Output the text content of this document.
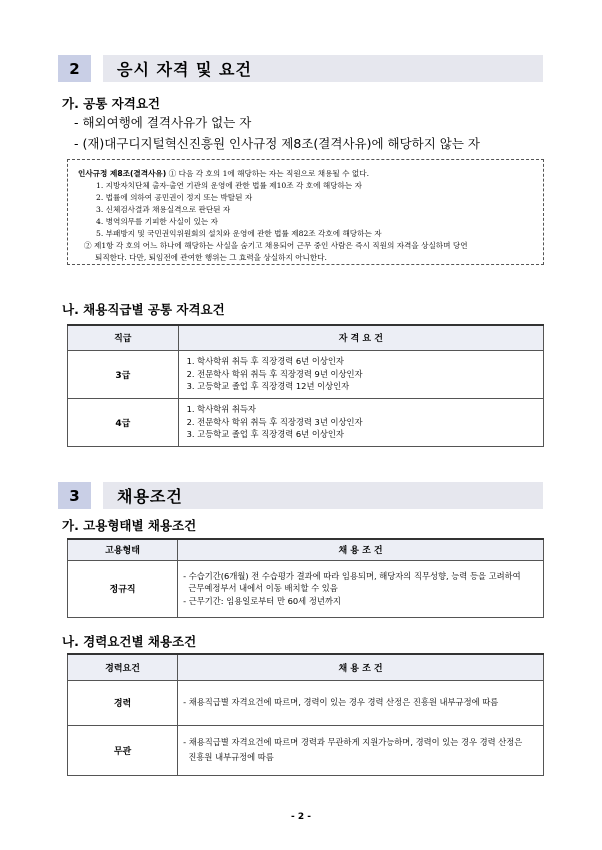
2	응시 자격 및 요건
가. 공통 자격요건
- 해외여행에 결격사유가 없는 자
- (재)대구디지털혁신진흥원 인사규정 제8조(결격사유)에 해당하지 않는 자
인사규정 제8조(결격사유) ① 다음 각 호의 1에 해당하는 자는 직원으로 채용될 수 없다.
1. 지방자치단체 출자·출연 기관의 운영에 관한 법률 제10조 각 호에 해당하는 자
2. 법률에 의하여 공민권이 정지 또는 박탈된 자
3. 신체검사결과 채용실격으로 판단된 자
4. 병역의무를 기피한 사실이 있는 자
5. 부패방지 및 국민권익위원회의 설치와 운영에 관한 법률 제82조 각호에 해당하는 자
② 제1항 각 호의 어느 하나에 해당하는 사실을 숨기고 채용되어 근무 중인 사람은 즉시 직원의 자격을 상실하며 당연
퇴직한다. 다만, 퇴임전에 관여한 행위는 그 효력을 상실하지 아니한다.
나. 채용직급별 공통 자격요건
직급	자 격 요 건
3급	1. 학사학위 취득 후 직장경력 6년 이상인자
2. 전문학사 학위 취득 후 직장경력 9년 이상인자
3. 고등학교 졸업 후 직장경력 12년 이상인자

4급	1. 학사학위 취득자
2. 전문학사 학위 취득 후 직장경력 3년 이상인자
3. 고등학교 졸업 후 직장경력 6년 이상인자
3	채용조건
가. 고용형태별 채용조건
고용형태	채 용 조 건
정규직	- 수습기간(6개월) 전 수습평가 결과에 따라 임용되며, 해당자의 직무성향, 능력 등을 고려하여
근무예정부서 내에서 이동 배치할 수 있음
- 근무기간: 임용일로부터 만 60세 정년까지
나. 경력요건별 채용조건
경력요건	채 용 조 건
경력	- 채용직급별 자격요건에 따르며, 경력이 있는 경우 경력 산정은 진흥원 내부규정에 따름

무관	- 채용직급별 자격요건에 따르며 경력과 무관하게 지원가능하며, 경력이 있는 경우 경력 산정은
진흥원 내부규정에 따름
- 2 -
